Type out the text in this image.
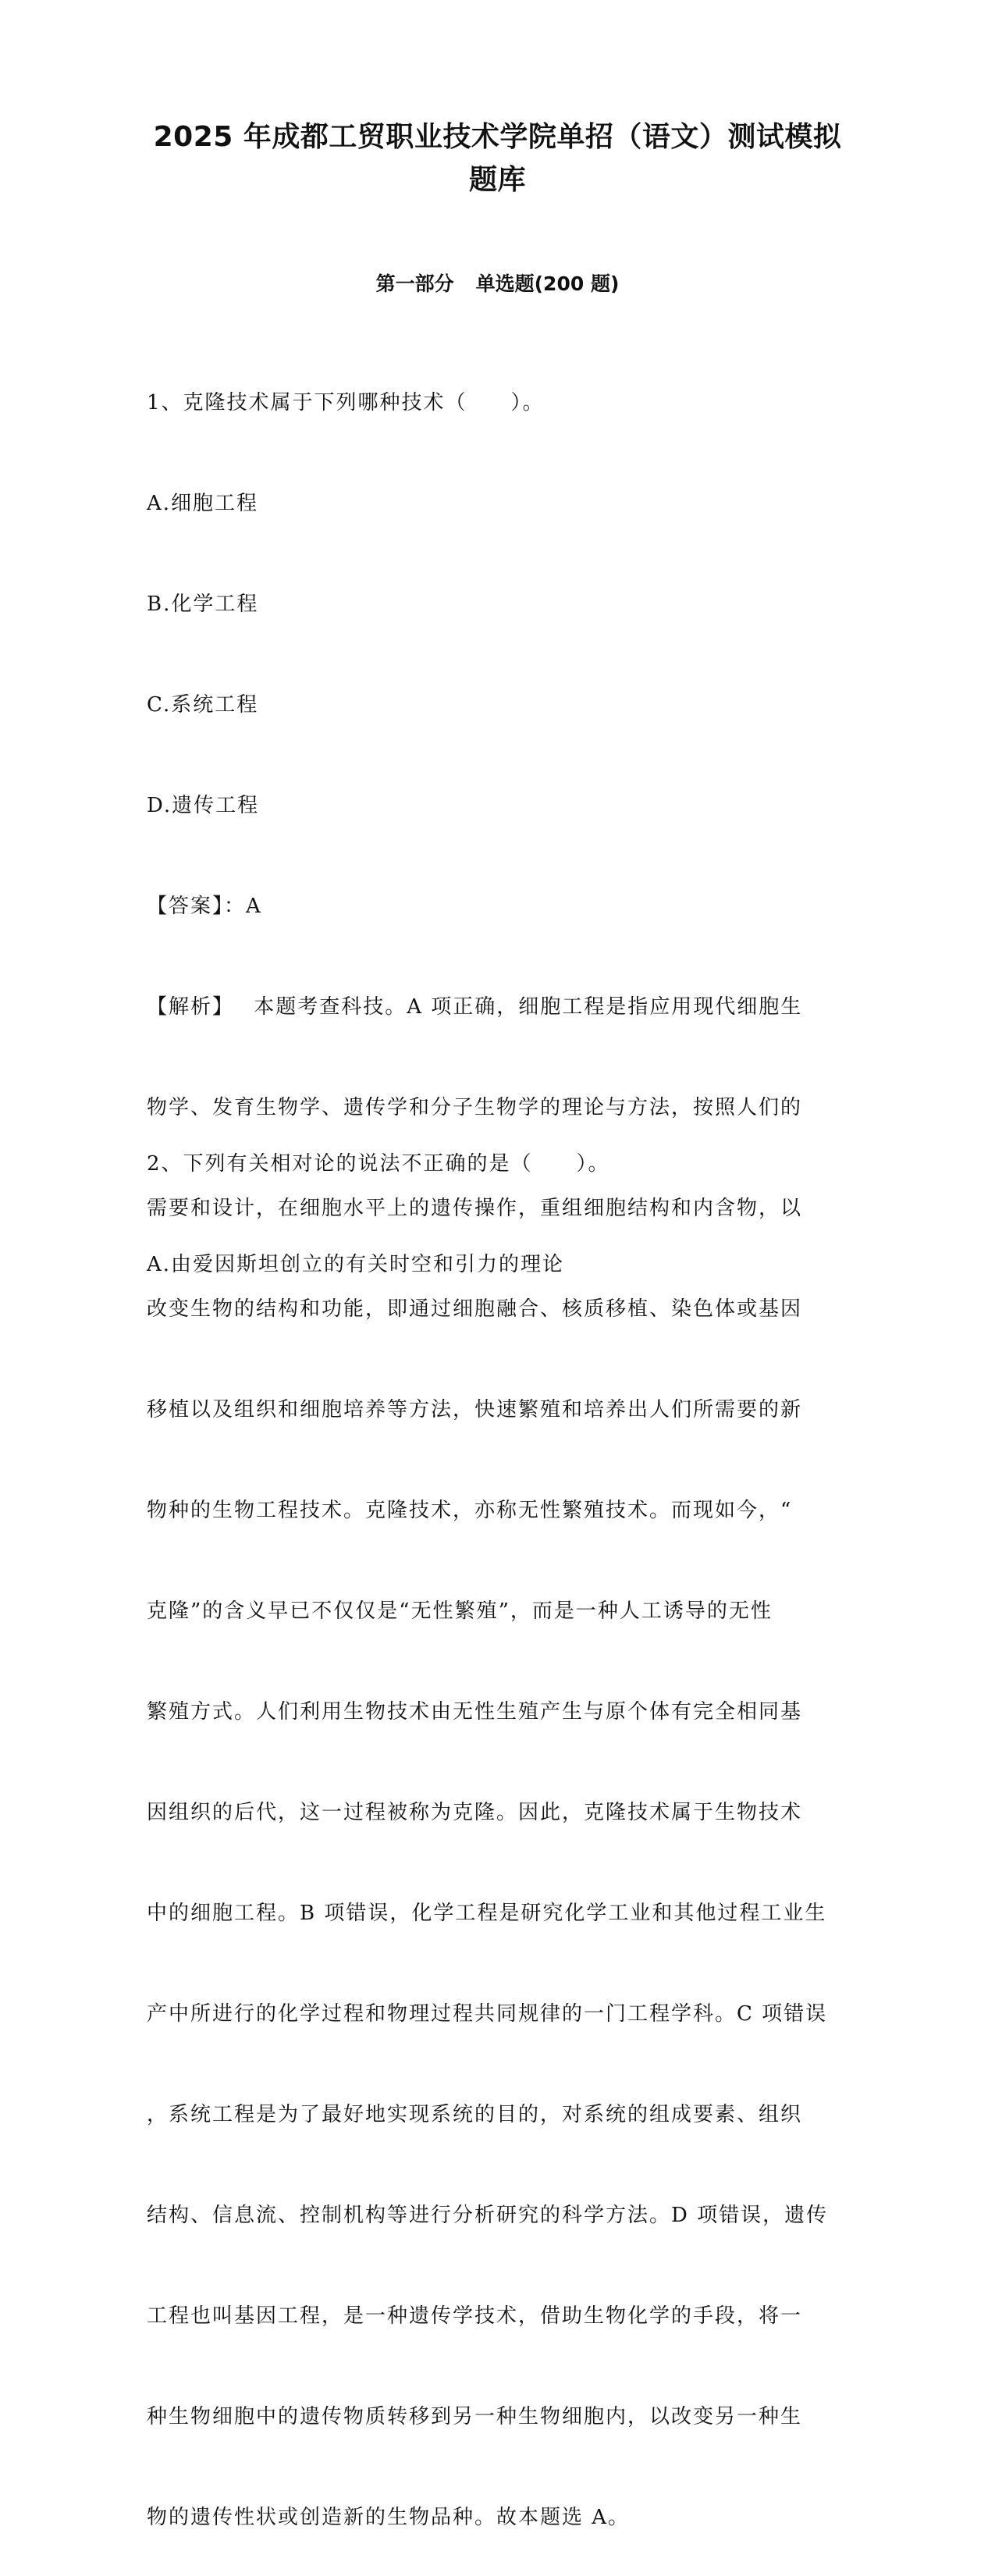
2025 年成都工贸职业技术学院单招（语文）测试模拟
题库
第一部分 单选题(200 题)

1、克隆技术属于下列哪种技术（　　）。

A.细胞工程

B.化学工程

C.系统工程

D.遗传工程

【答案】：A

【解析】　 本题考查科技。A 项正确，细胞工程是指应用现代细胞生

物学、发育生物学、遗传学和分子生物学的理论与方法，按照人们的

需要和设计，在细胞水平上的遗传操作，重组细胞结构和内含物，以

改变生物的结构和功能，即通过细胞融合、核质移植、染色体或基因

移植以及组织和细胞培养等方法，快速繁殖和培养出人们所需要的新

物种的生物工程技术。克隆技术，亦称无性繁殖技术。而现如今，“

克隆”的含义早已不仅仅是“无性繁殖”，而是一种人工诱导的无性

繁殖方式。人们利用生物技术由无性生殖产生与原个体有完全相同基

因组织的后代，这一过程被称为克隆。因此，克隆技术属于生物技术

中的细胞工程。B 项错误，化学工程是研究化学工业和其他过程工业生

产中所进行的化学过程和物理过程共同规律的一门工程学科。C 项错误

，系统工程是为了最好地实现系统的目的，对系统的组成要素、组织

结构、信息流、控制机构等进行分析研究的科学方法。D 项错误，遗传

工程也叫基因工程，是一种遗传学技术，借助生物化学的手段，将一

种生物细胞中的遗传物质转移到另一种生物细胞内，以改变另一种生

物的遗传性状或创造新的生物品种。故本题选 A。

2、下列有关相对论的说法不正确的是（　　）。

A.由爱因斯坦创立的有关时空和引力的理论
